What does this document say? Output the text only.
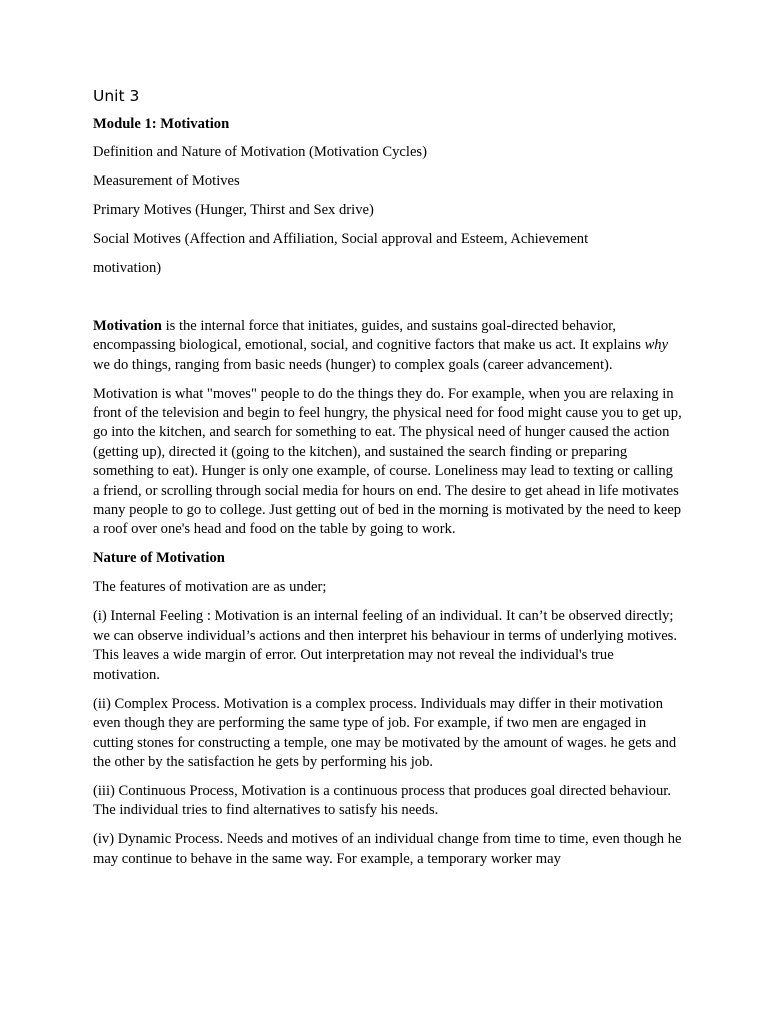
Unit 3
Module 1: Motivation
Definition and Nature of Motivation (Motivation Cycles)
Measurement of Motives
Primary Motives (Hunger, Thirst and Sex drive)
Social Motives (Affection and Affiliation, Social approval and Esteem, Achievement
motivation)

Motivation is the internal force that initiates, guides, and sustains goal-directed behavior, encompassing biological, emotional, social, and cognitive factors that make us act. It explains why we do things, ranging from basic needs (hunger) to complex goals (career advancement).

Motivation is what "moves" people to do the things they do. For example, when you are relaxing in front of the television and begin to feel hungry, the physical need for food might cause you to get up, go into the kitchen, and search for something to eat. The physical need of hunger caused the action (getting up), directed it (going to the kitchen), and sustained the search finding or preparing something to eat). Hunger is only one example, of course. Loneliness may lead to texting or calling a friend, or scrolling through social media for hours on end. The desire to get ahead in life motivates many people to go to college. Just getting out of bed in the morning is motivated by the need to keep a roof over one's head and food on the table by going to work.

Nature of Motivation

The features of motivation are as under;

(i) Internal Feeling : Motivation is an internal feeling of an individual. It can’t be observed directly; we can observe individual’s actions and then interpret his behaviour in terms of underlying motives. This leaves a wide margin of error. Out interpretation may not reveal the individual's true motivation.

(ii) Complex Process. Motivation is a complex process. Individuals may differ in their motivation even though they are performing the same type of job. For example, if two men are engaged in cutting stones for constructing a temple, one may be motivated by the amount of wages. he gets and the other by the satisfaction he gets by performing his job.

(iii) Continuous Process, Motivation is a continuous process that produces goal directed behaviour. The individual tries to find alternatives to satisfy his needs.

(iv) Dynamic Process. Needs and motives of an individual change from time to time, even though he may continue to behave in the same way. For example, a temporary worker may
